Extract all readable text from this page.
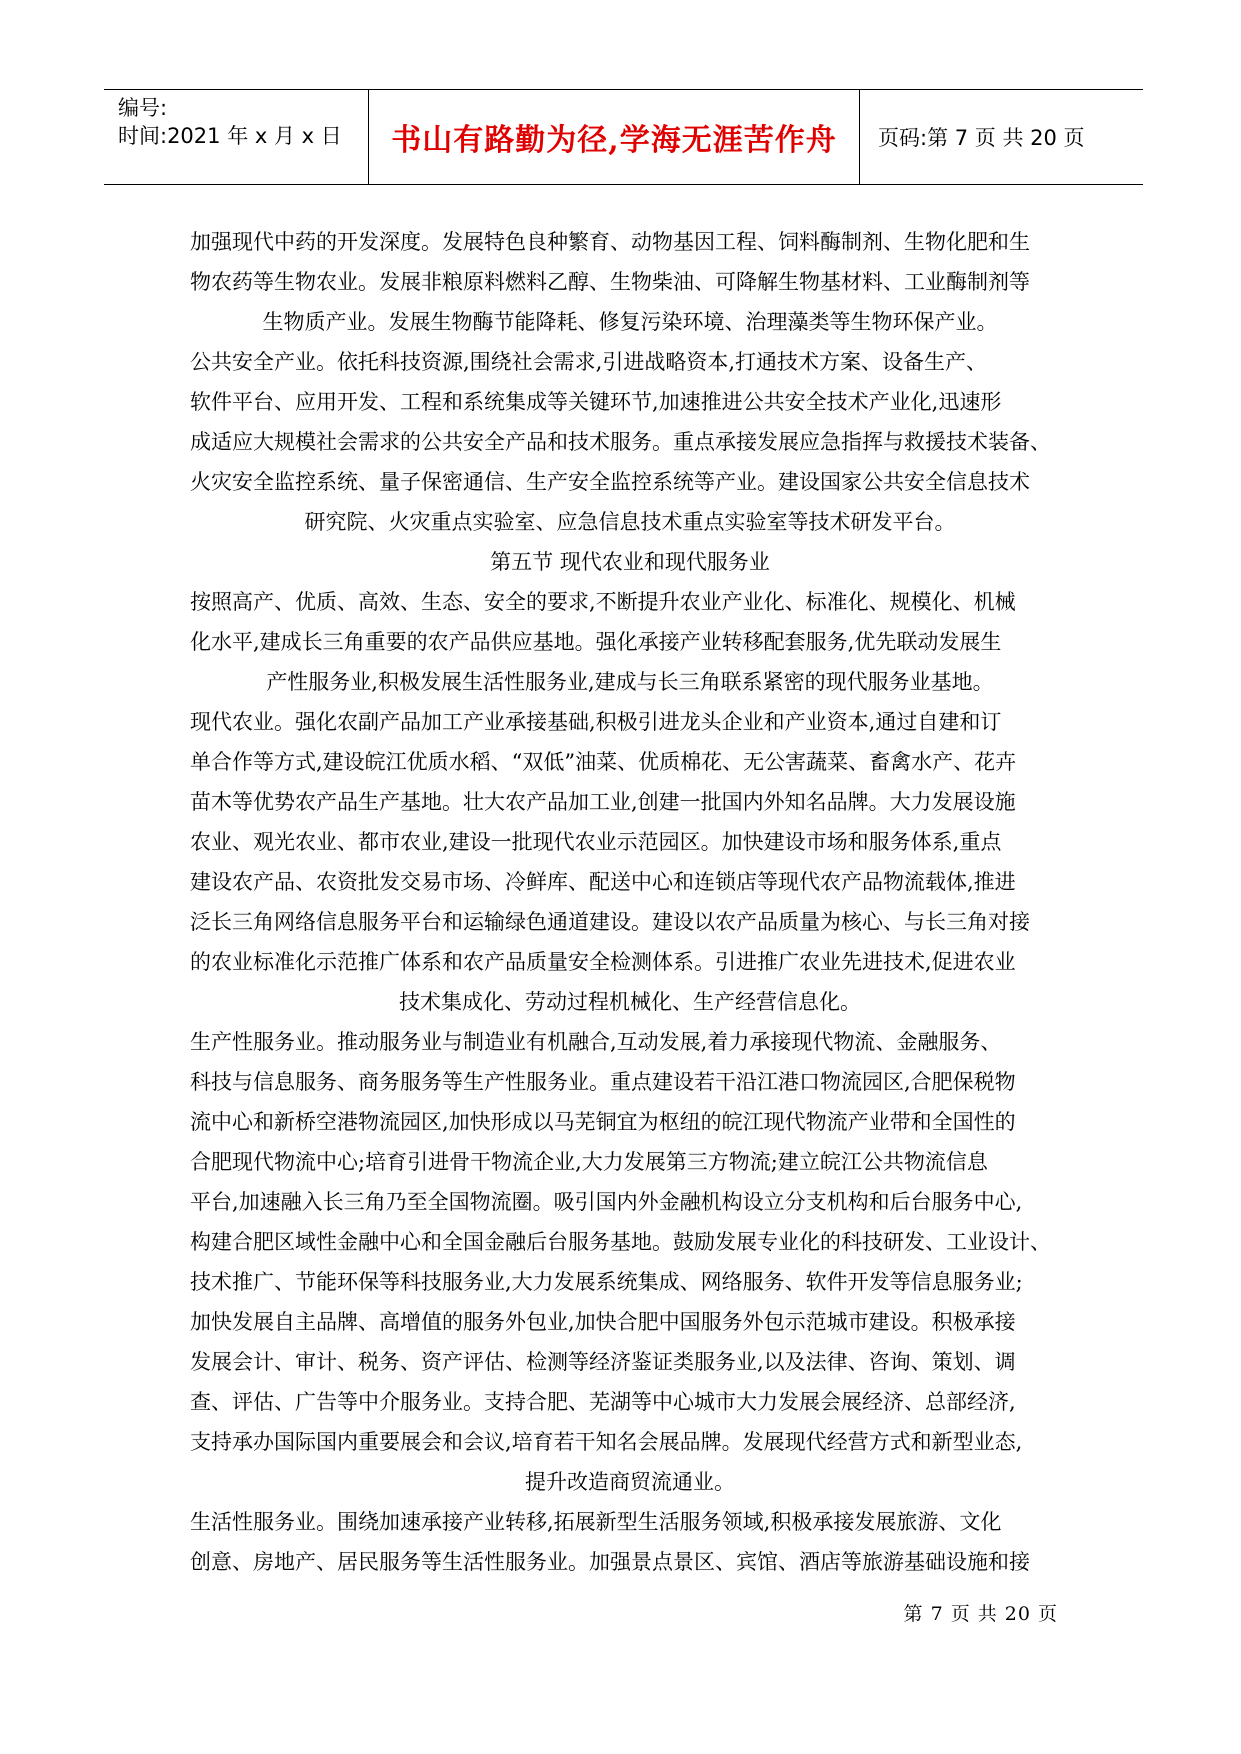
编号:
时间:2021 年 x 月 x 日	书山有路勤为径,学海无涯苦作舟	页码:第 7 页 共 20 页
加强现代中药的开发深度。发展特色良种繁育、动物基因工程、饲料酶制剂、生物化肥和生
物农药等生物农业。发展非粮原料燃料乙醇、生物柴油、可降解生物基材料、工业酶制剂等
生物质产业。发展生物酶节能降耗、修复污染环境、治理藻类等生物环保产业。
公共安全产业。依托科技资源,围绕社会需求,引进战略资本,打通技术方案、设备生产、
软件平台、应用开发、工程和系统集成等关键环节,加速推进公共安全技术产业化,迅速形
成适应大规模社会需求的公共安全产品和技术服务。重点承接发展应急指挥与救援技术装备、
火灾安全监控系统、量子保密通信、生产安全监控系统等产业。建设国家公共安全信息技术
研究院、火灾重点实验室、应急信息技术重点实验室等技术研发平台。
第五节 现代农业和现代服务业
按照高产、优质、高效、生态、安全的要求,不断提升农业产业化、标准化、规模化、机械
化水平,建成长三角重要的农产品供应基地。强化承接产业转移配套服务,优先联动发展生
产性服务业,积极发展生活性服务业,建成与长三角联系紧密的现代服务业基地。
现代农业。强化农副产品加工产业承接基础,积极引进龙头企业和产业资本,通过自建和订
单合作等方式,建设皖江优质水稻、“双低”油菜、优质棉花、无公害蔬菜、畜禽水产、花卉
苗木等优势农产品生产基地。壮大农产品加工业,创建一批国内外知名品牌。大力发展设施
农业、观光农业、都市农业,建设一批现代农业示范园区。加快建设市场和服务体系,重点
建设农产品、农资批发交易市场、冷鲜库、配送中心和连锁店等现代农产品物流载体,推进
泛长三角网络信息服务平台和运输绿色通道建设。建设以农产品质量为核心、与长三角对接
的农业标准化示范推广体系和农产品质量安全检测体系。引进推广农业先进技术,促进农业
技术集成化、劳动过程机械化、生产经营信息化。
生产性服务业。推动服务业与制造业有机融合,互动发展,着力承接现代物流、金融服务、
科技与信息服务、商务服务等生产性服务业。重点建设若干沿江港口物流园区,合肥保税物
流中心和新桥空港物流园区,加快形成以马芜铜宜为枢纽的皖江现代物流产业带和全国性的
合肥现代物流中心;培育引进骨干物流企业,大力发展第三方物流;建立皖江公共物流信息
平台,加速融入长三角乃至全国物流圈。吸引国内外金融机构设立分支机构和后台服务中心,
构建合肥区域性金融中心和全国金融后台服务基地。鼓励发展专业化的科技研发、工业设计、
技术推广、节能环保等科技服务业,大力发展系统集成、网络服务、软件开发等信息服务业;
加快发展自主品牌、高增值的服务外包业,加快合肥中国服务外包示范城市建设。积极承接
发展会计、审计、税务、资产评估、检测等经济鉴证类服务业,以及法律、咨询、策划、调
查、评估、广告等中介服务业。支持合肥、芜湖等中心城市大力发展会展经济、总部经济,
支持承办国际国内重要展会和会议,培育若干知名会展品牌。发展现代经营方式和新型业态,
提升改造商贸流通业。
生活性服务业。围绕加速承接产业转移,拓展新型生活服务领域,积极承接发展旅游、文化
创意、房地产、居民服务等生活性服务业。加强景点景区、宾馆、酒店等旅游基础设施和接
第 7 页 共 20 页
